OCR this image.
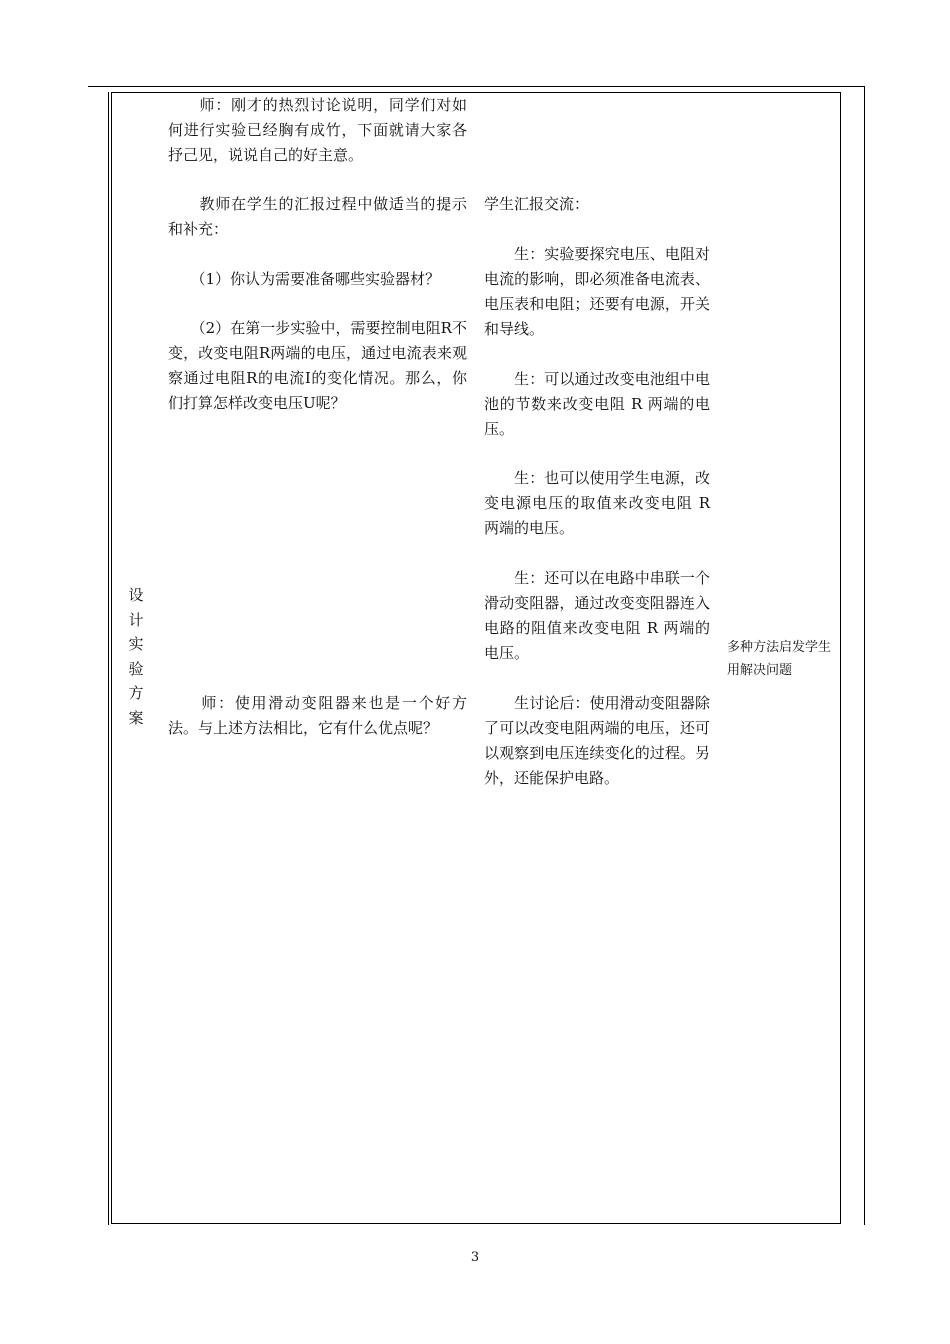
设
计
实
验
方
案
　　师：刚才的热烈讨论说明，同学们对如何进行实验已经胸有成竹，下面就请大家各抒己见，说说自己的好主意。
　　教师在学生的汇报过程中做适当的提示和补充：
　　（1）你认为需要准备哪些实验器材？
　　（2）在第一步实验中，需要控制电阻R不变，改变电阻R两端的电压，通过电流表来观察通过电阻R的电流I的变化情况。那么，你们打算怎样改变电压U呢？
　　师：使用滑动变阻器来也是一个好方法。与上述方法相比，它有什么优点呢？
学生汇报交流：
　　生：实验要探究电压、电阻对电流的影响，即必须准备电流表、电压表和电阻；还要有电源，开关和导线。
　　生：可以通过改变电池组中电池的节数来改变电阻 R 两端的电压。
　　生：也可以使用学生电源，改变电源电压的取值来改变电阻 R 两端的电压。
　　生：还可以在电路中串联一个滑动变阻器，通过改变变阻器连入电路的阻值来改变电阻 R 两端的电压。
　　生讨论后：使用滑动变阻器除了可以改变电阻两端的电压，还可以观察到电压连续变化的过程。另外，还能保护电路。
多种方法启发学生用解决问题
3
